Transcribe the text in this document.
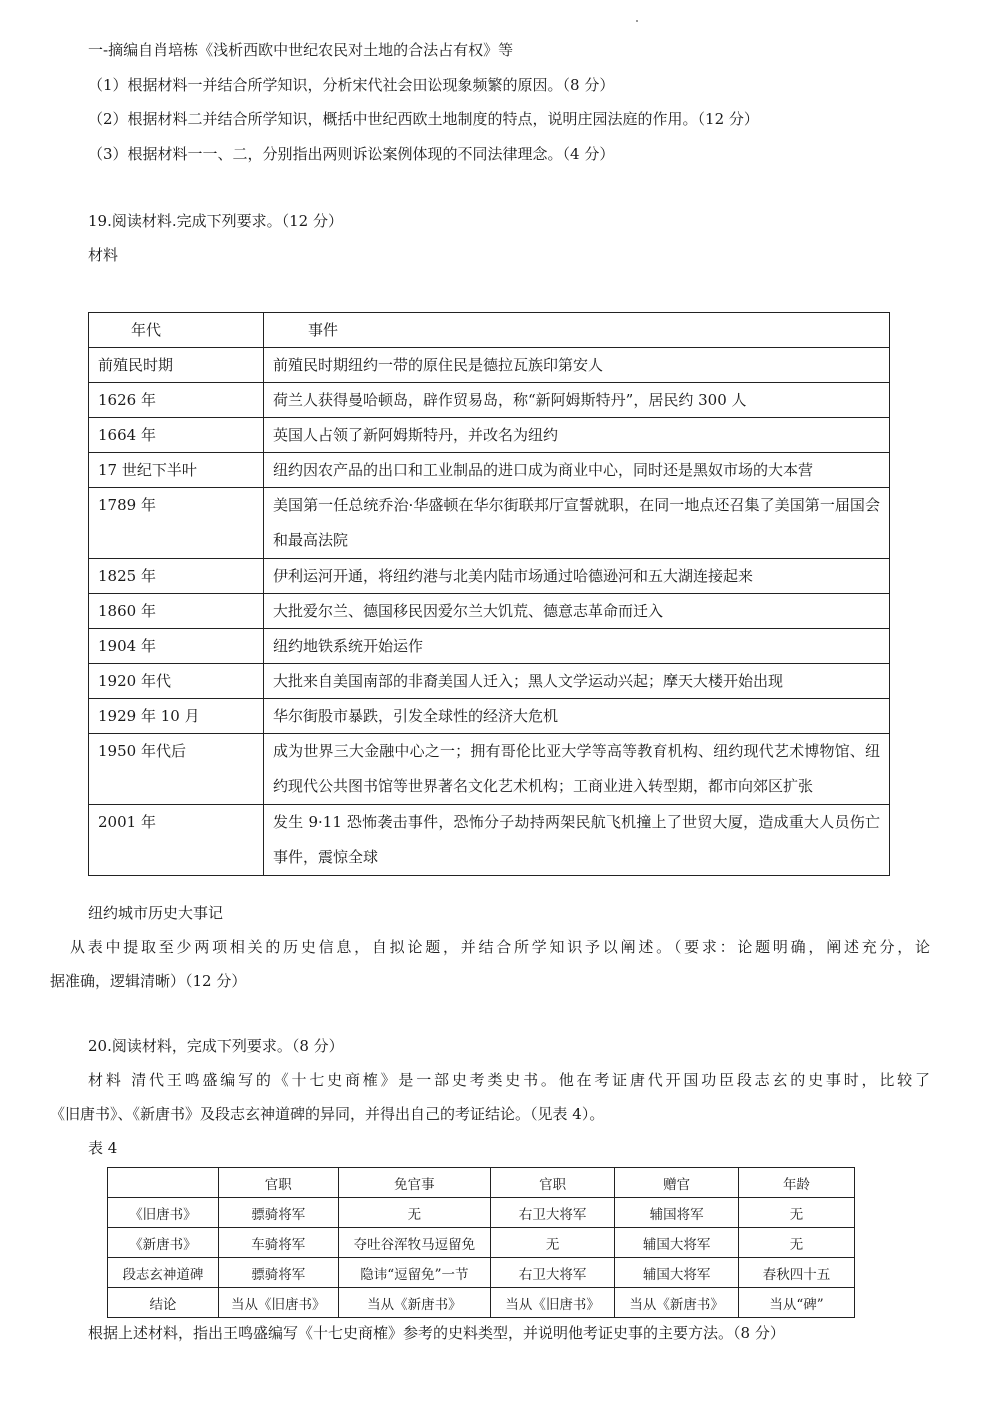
一-摘编自肖培栋《浅析西欧中世纪农民对土地的合法占有权》等
（1）根据材料一并结合所学知识，分析宋代社会田讼现象频繁的原因。（8 分）
（2）根据材料二并结合所学知识，概括中世纪西欧土地制度的特点，说明庄园法庭的作用。（12 分）
（3）根据材料一一、二，分别指出两则诉讼案例体现的不同法律理念。（4 分）
19.阅读材料.完成下列要求。（12 分）
材料
年代	事件
前殖民时期	前殖民时期纽约一带的原住民是德拉瓦族印第安人
1626 年	荷兰人获得曼哈顿岛，辟作贸易岛，称“新阿姆斯特丹”，居民约 300 人
1664 年	英国人占领了新阿姆斯特丹，并改名为纽约
17 世纪下半叶	纽约因农产品的出口和工业制品的进口成为商业中心，同时还是黑奴市场的大本营
1789 年	美国第一任总统乔治·华盛顿在华尔街联邦厅宣誓就职，在同一地点还召集了美国第一届国会和最高法院
1825 年	伊利运河开通，将纽约港与北美内陆市场通过哈德逊河和五大湖连接起来
1860 年	大批爱尔兰、德国移民因爱尔兰大饥荒、德意志革命而迁入
1904 年	纽约地铁系统开始运作
1920 年代	大批来自美国南部的非裔美国人迁入；黑人文学运动兴起；摩天大楼开始出现
1929 年 10 月	华尔街股市暴跌，引发全球性的经济大危机
1950 年代后	成为世界三大金融中心之一；拥有哥伦比亚大学等高等教育机构、纽约现代艺术博物馆、纽约现代公共图书馆等世界著名文化艺术机构；工商业进入转型期，都市向郊区扩张
2001 年	发生 9·11 恐怖袭击事件，恐怖分子劫持两架民航飞机撞上了世贸大厦，造成重大人员伤亡事件，震惊全球
纽约城市历史大事记
从表中提取至少两项相关的历史信息，自拟论题，并结合所学知识予以阐述。（要求：论题明确，阐述充分，论
据准确，逻辑清晰）（12 分）
20.阅读材料，完成下列要求。（8 分）
材料 清代王鸣盛编写的《十七史商榷》是一部史考类史书。他在考证唐代开国功臣段志玄的史事时，比较了
《旧唐书》、《新唐书》及段志玄神道碑的异同，并得出自己的考证结论。（见表 4）。
表 4
	官职	免官事	官职	赠官	年龄
《旧唐书》	骠骑将军	无	右卫大将军	辅国将军	无
《新唐书》	车骑将军	夺吐谷浑牧马逗留免	无	辅国大将军	无
段志玄神道碑	骠骑将军	隐讳“逗留免”一节	右卫大将军	辅国大将军	春秋四十五
结论	当从《旧唐书》	当从《新唐书》	当从《旧唐书》	当从《新唐书》	当从“碑”
根据上述材料，指出王鸣盛编写《十七史商榷》参考的史料类型，并说明他考证史事的主要方法。（8 分）
